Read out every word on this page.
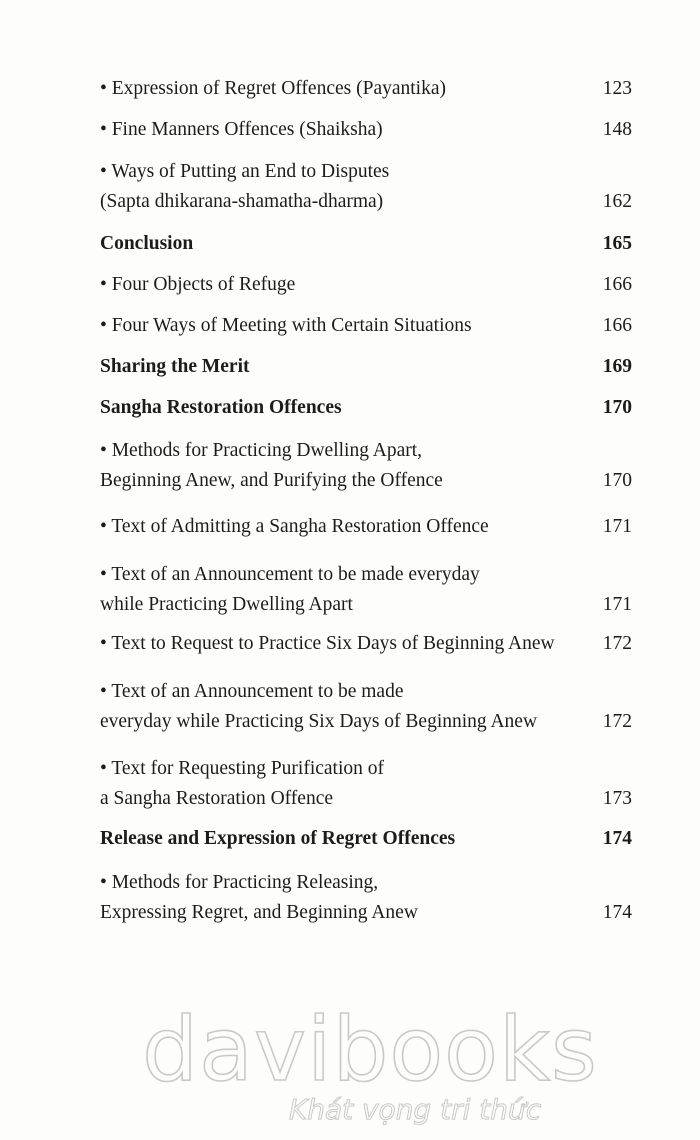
• Expression of Regret Offences (Payantika)	123
• Fine Manners Offences (Shaiksha)	148
• Ways of Putting an End to Disputes
(Sapta dhikarana-shamatha-dharma)	162
Conclusion	165
• Four Objects of Refuge	166
• Four Ways of Meeting with Certain Situations	166
Sharing the Merit	169
Sangha Restoration Offences	170
• Methods for Practicing Dwelling Apart,
Beginning Anew, and Purifying the Offence	170
• Text of Admitting a Sangha Restoration Offence	171
• Text of an Announcement to be made everyday
while Practicing Dwelling Apart	171
• Text to Request to Practice Six Days of Beginning Anew	172
• Text of an Announcement to be made
everyday while Practicing Six Days of Beginning Anew	172
• Text for Requesting Purification of
a Sangha Restoration Offence	173
Release and Expression of Regret Offences	174
• Methods for Practicing Releasing,
Expressing Regret, and Beginning Anew	174
davibooks
Khát vọng tri thức
